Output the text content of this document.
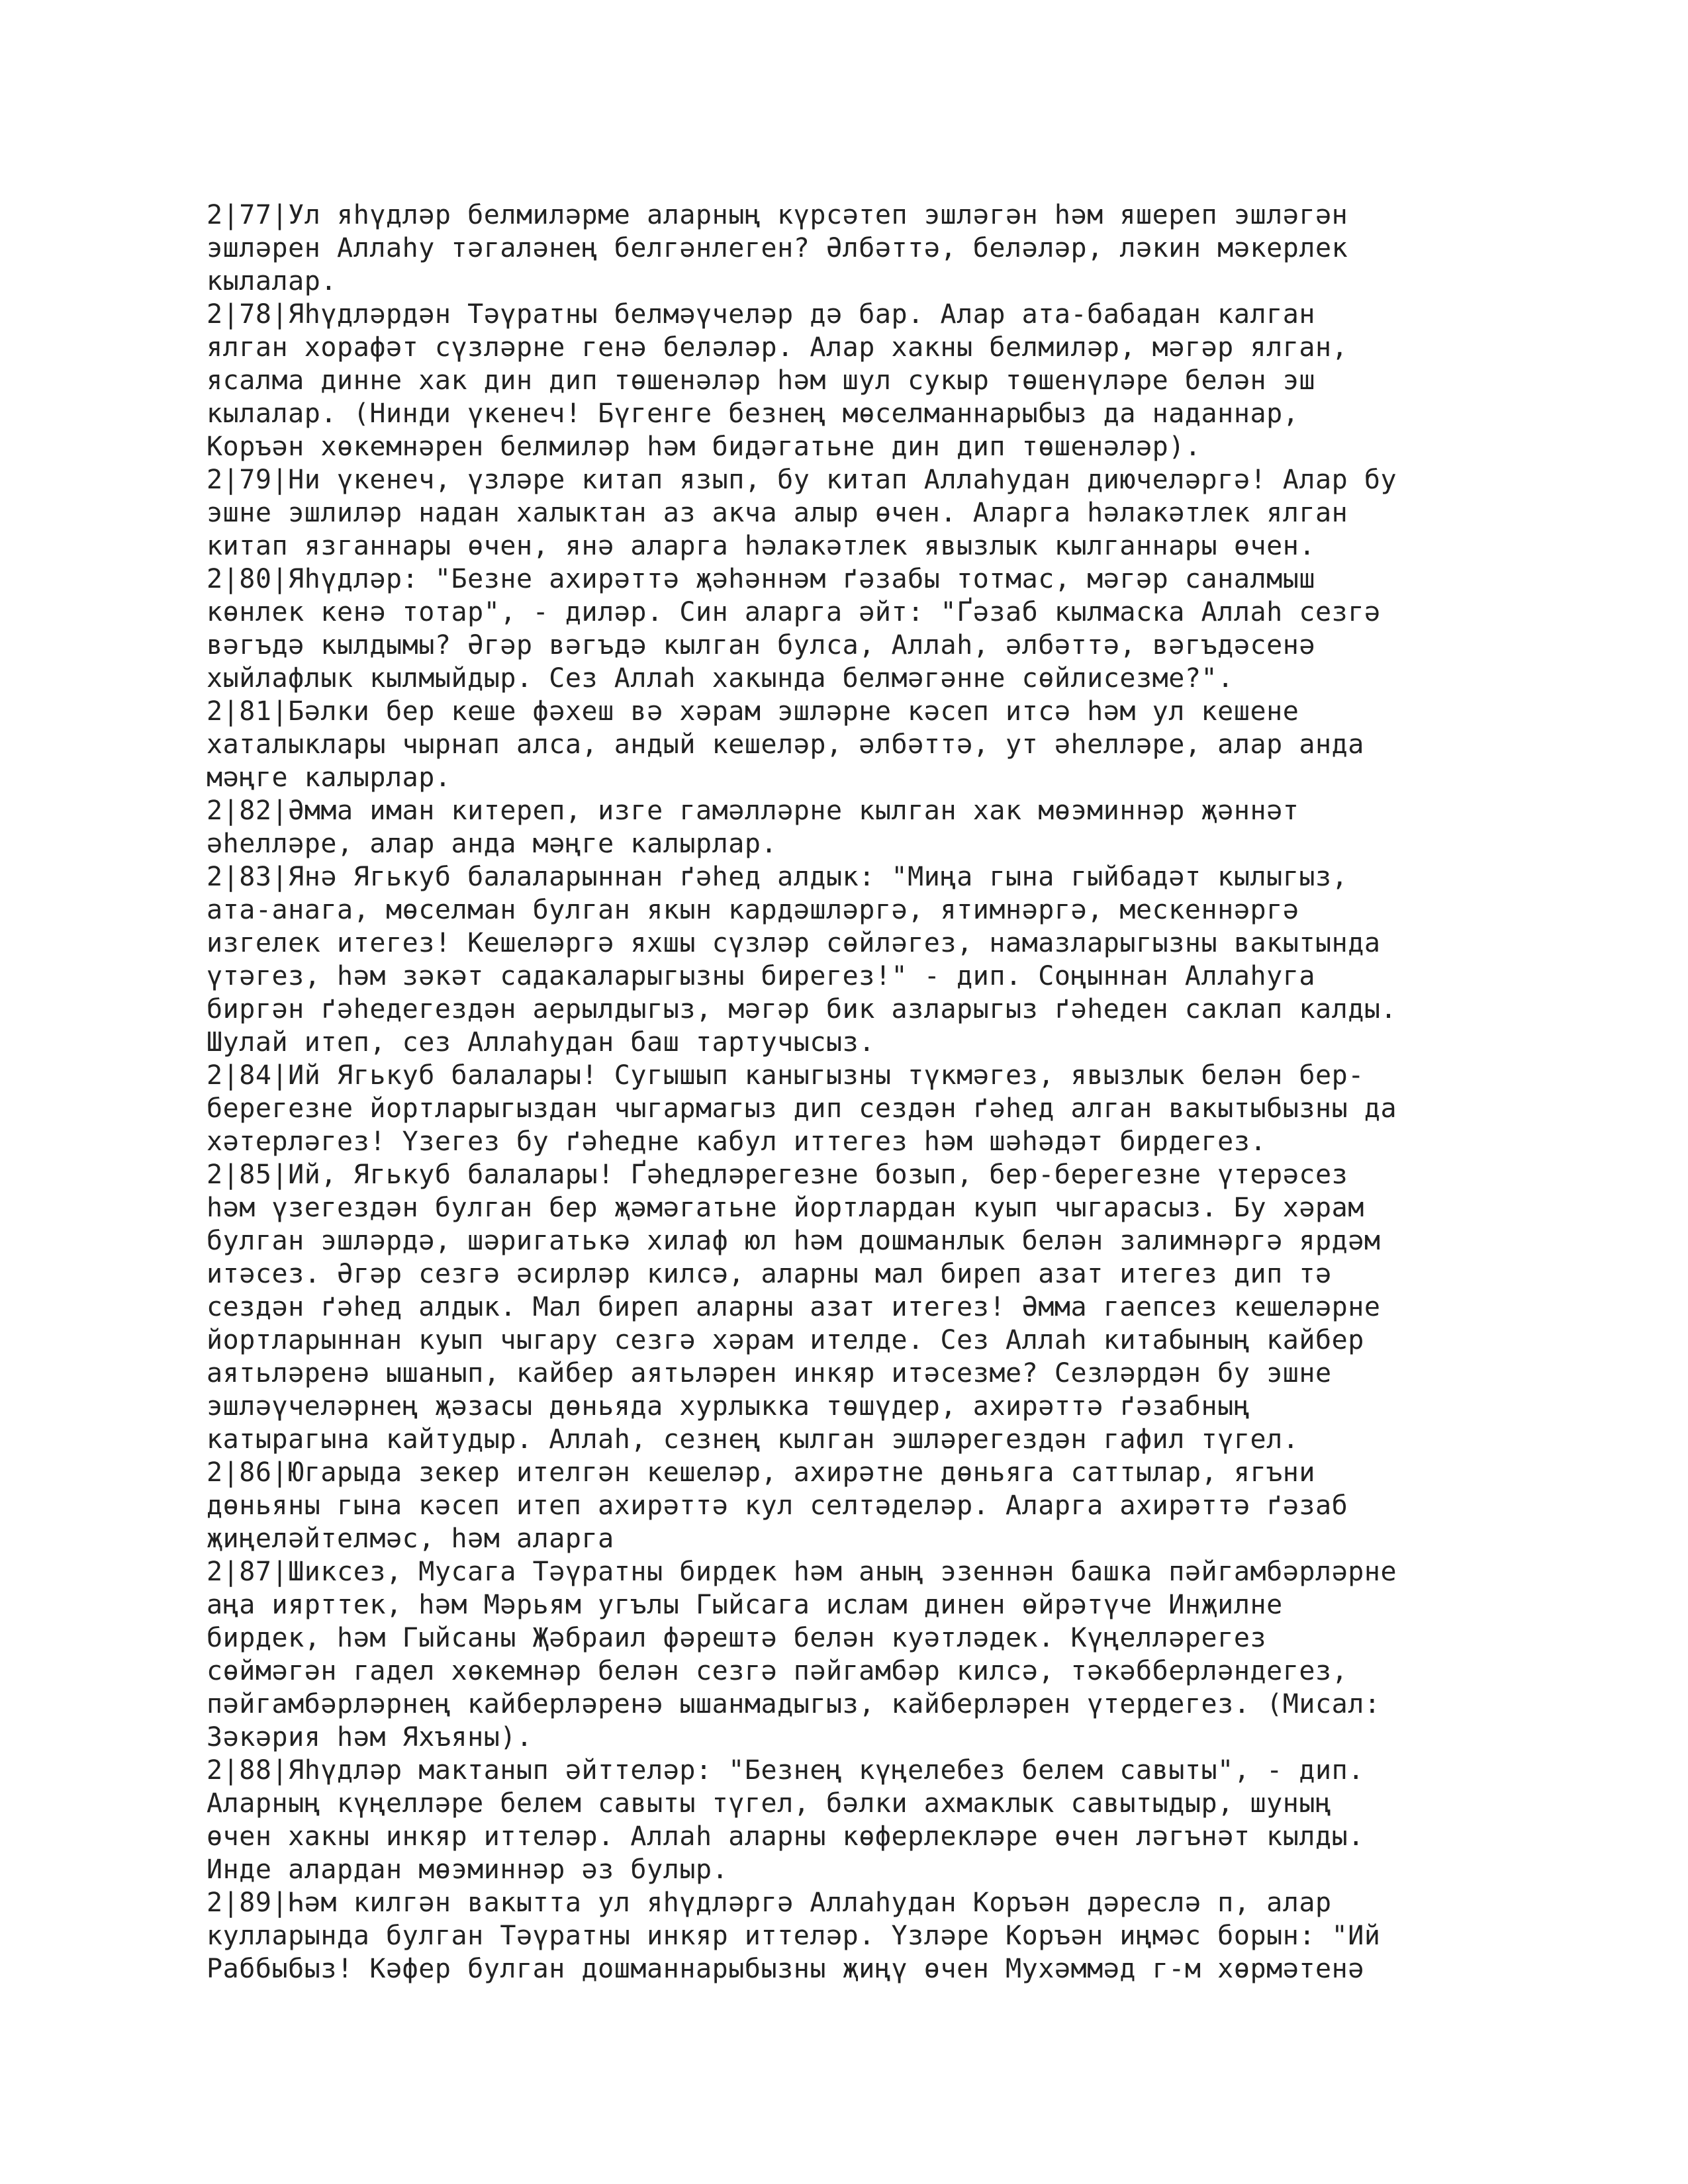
2|77|Ул яһүдләр белмиләрме аларның күрсәтеп эшләгән һәм яшереп эшләгән
эшләрен Аллаһу тәгаләнең белгәнлеген? Әлбәттә, беләләр, ләкин мәкерлек
кылалар.
2|78|Яһүдләрдән Тәүратны белмәүчеләр дә бар. Алар ата-бабадан калган
ялган хорафәт сүзләрне генә беләләр. Алар хакны белмиләр, мәгәр ялган,
ясалма динне хак дин дип төшенәләр һәм шул сукыр төшенүләре белән эш
кылалар. (Нинди үкенеч! Бүгенге безнең мөселманнарыбыз да наданнар,
Коръән хөкемнәрен белмиләр һәм бидәгатьне дин дип төшенәләр).
2|79|Ни үкенеч, үзләре китап язып, бу китап Аллаһудан диючеләргә! Алар бу
эшне эшлиләр надан халыктан аз акча алыр өчен. Аларга һәлакәтлек ялган
китап язганнары өчен, янә аларга һәлакәтлек явызлык кылганнары өчен.
2|80|Яһүдләр: "Безне ахирәттә җәһәннәм ґәзабы тотмас, мәгәр саналмыш
көнлек кенә тотар", - диләр. Син аларга әйт: "Ґәзаб кылмаска Аллаһ сезгә
вәгъдә кылдымы? Әгәр вәгъдә кылган булса, Аллаһ, әлбәттә, вәгъдәсенә
хыйлафлык кылмыйдыр. Сез Аллаһ хакында белмәгәнне сөйлисезме?".
2|81|Бәлки бер кеше фәхеш вә хәрам эшләрне кәсеп итсә һәм ул кешене
хаталыклары чырнап алса, андый кешеләр, әлбәттә, ут әһелләре, алар анда
мәңге калырлар.
2|82|Әмма иман китереп, изге гамәлләрне кылган хак мөэминнәр җәннәт
әһелләре, алар анда мәңге калырлар.
2|83|Янә Ягькуб балаларыннан ґәһед алдык: "Миңа гына гыйбадәт кылыгыз,
ата-анага, мөселман булган якын кардәшләргә, ятимнәргә, мескеннәргә
изгелек итегез! Кешеләргә яхшы сүзләр сөйләгез, намазларыгызны вакытында
үтәгез, һәм зәкәт садакаларыгызны бирегез!" - дип. Соңыннан Аллаһуга
биргән ґәһедегездән аерылдыгыз, мәгәр бик азларыгыз ґәһеден саклап калды.
Шулай итеп, сез Аллаһудан баш тартучысыз.
2|84|Ий Ягькуб балалары! Сугышып каныгызны түкмәгез, явызлык белән бер-
берегезне йортларыгыздан чыгармагыз дип сездән ґәһед алган вакытыбызны да
хәтерләгез! Үзегез бу ґәһедне кабул иттегез һәм шәһәдәт бирдегез.
2|85|Ий, Ягькуб балалары! Ґәһедләрегезне бозып, бер-берегезне үтерәсез
һәм үзегездән булган бер җәмәгатьне йортлардан куып чыгарасыз. Бу хәрам
булган эшләрдә, шәригатькә хилаф юл һәм дошманлык белән залимнәргә ярдәм
итәсез. Әгәр сезгә әсирләр килсә, аларны мал биреп азат итегез дип тә
сездән ґәһед алдык. Мал биреп аларны азат итегез! Әмма гаепсез кешеләрне
йортларыннан куып чыгару сезгә хәрам ителде. Сез Аллаһ китабының кайбер
аятьләренә ышанып, кайбер аятьләрен инкяр итәсезме? Сезләрдән бу эшне
эшләүчеләрнең җәзасы дөньяда хурлыкка төшүдер, ахирәттә ґәзабның
катырагына кайтудыр. Аллаһ, сезнең кылган эшләрегездән гафил түгел.
2|86|Югарыда зекер ителгән кешеләр, ахирәтне дөньяга саттылар, ягъни
дөньяны гына кәсеп итеп ахирәттә кул селтәделәр. Аларга ахирәттә ґәзаб
җиңеләйтелмәс, һәм аларга
2|87|Шиксез, Мусага Тәүратны бирдек һәм аның эзеннән башка пәйгамбәрләрне
аңа иярттек, һәм Мәрьям угълы Гыйсага ислам динен өйрәтүче Инҗилне
бирдек, һәм Гыйсаны Җәбраил фәрештә белән куәтләдек. Күңелләрегез
сөймәгән гадел хөкемнәр белән сезгә пәйгамбәр килсә, тәкәбберләндегез,
пәйгамбәрләрнең кайберләренә ышанмадыгыз, кайберләрен үтердегез. (Мисал:
Зәкәрия һәм Яхъяны).
2|88|Яһүдләр мактанып әйттеләр: "Безнең күңелебез белем савыты", - дип.
Аларның күңелләре белем савыты түгел, бәлки ахмаклык савытыдыр, шуның
өчен хакны инкяр иттеләр. Аллаһ аларны көферлекләре өчен ләгънәт кылды.
Инде алардан мөэминнәр әз булыр.
2|89|Һәм килгән вакытта ул яһүдләргә Аллаһудан Коръән дәреслә п, алар
кулларында булган Тәүратны инкяр иттеләр. Үзләре Коръән иңмәс борын: "Ий
Раббыбыз! Кәфер булган дошманнарыбызны җиңү өчен Мухәммәд г-м хөрмәтенә
